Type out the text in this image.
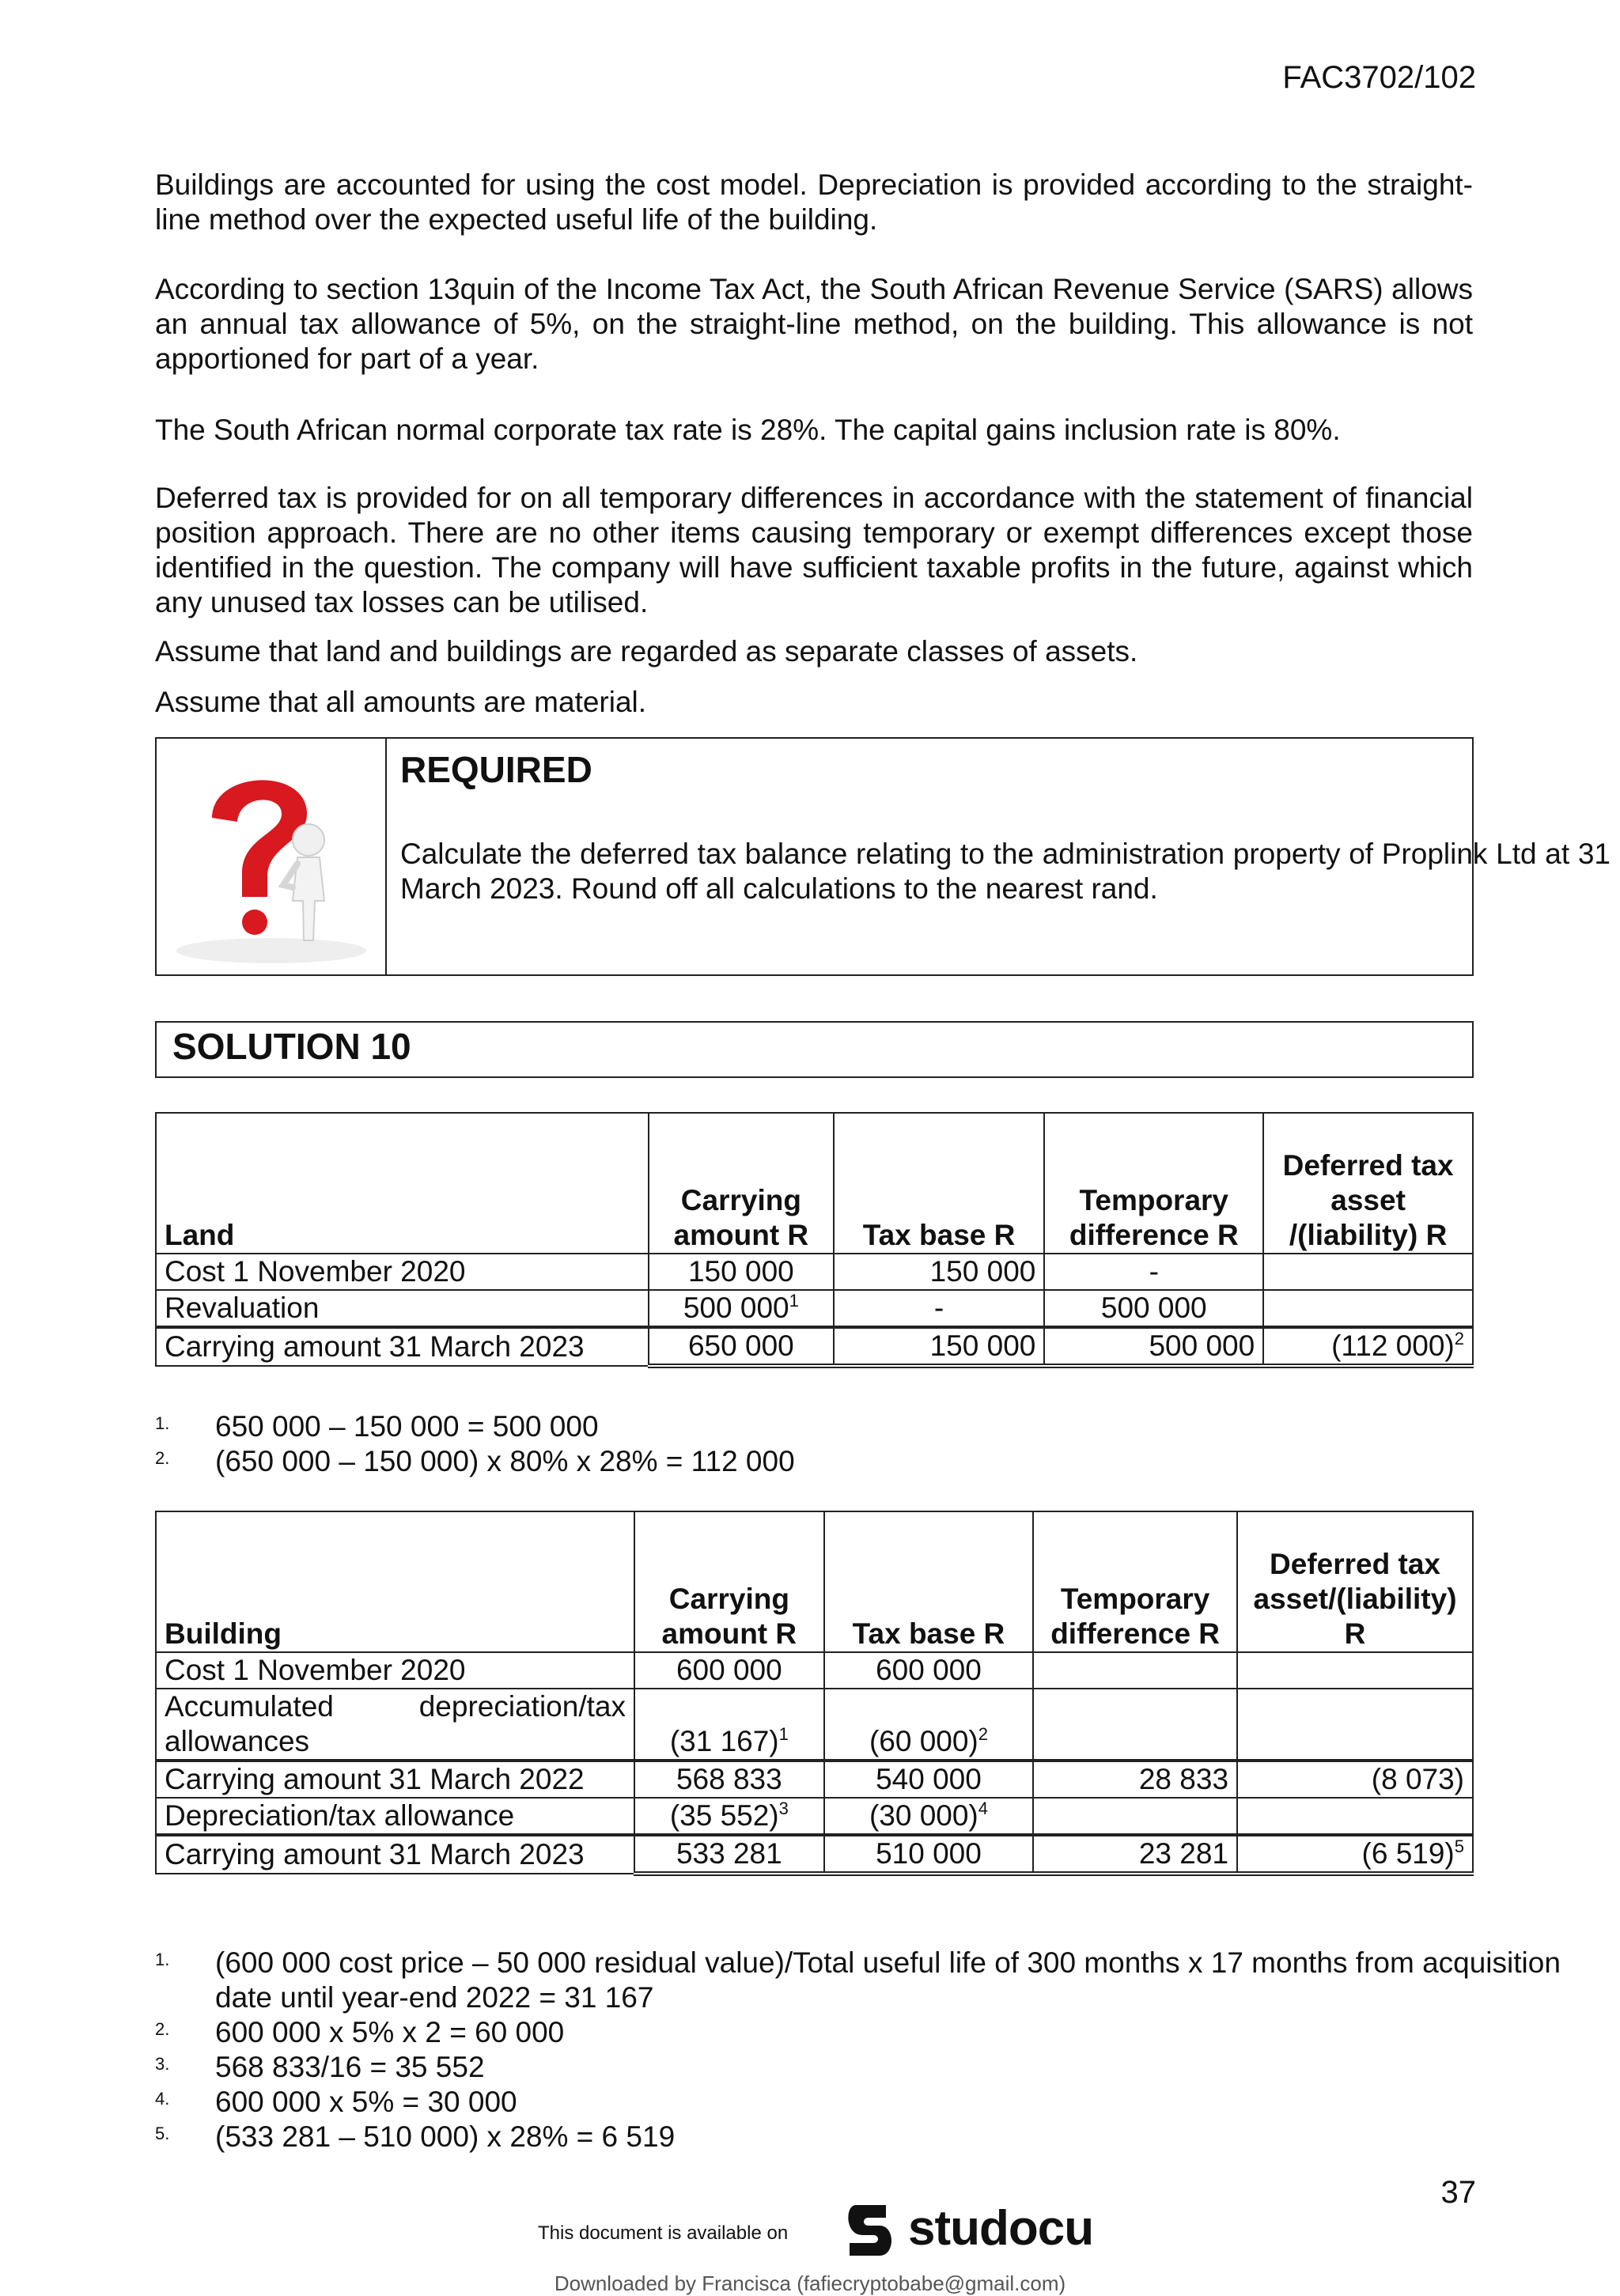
FAC3702/102

Buildings are accounted for using the cost model. Depreciation is provided according to the straight-line method over the expected useful life of the building.

According to section 13quin of the Income Tax Act, the South African Revenue Service (SARS) allows an annual tax allowance of 5%, on the straight-line method, on the building. This allowance is not apportioned for part of a year.

The South African normal corporate tax rate is 28%. The capital gains inclusion rate is 80%.

Deferred tax is provided for on all temporary differences in accordance with the statement of financial position approach. There are no other items causing temporary or exempt differences except those identified in the question. The company will have sufficient taxable profits in the future, against which any unused tax losses can be utilised.

Assume that land and buildings are regarded as separate classes of assets.

Assume that all amounts are material.

REQUIRED
Calculate the deferred tax balance relating to the administration property of Proplink Ltd at 31 March 2023. Round off all calculations to the nearest rand.
SOLUTION 10
Land	Carrying amount R	Tax base R	Temporary difference R	Deferred tax asset /(liability) R
Cost 1 November 2020	150 000	150 000	-	
Revaluation	500 $000^1$	-	500 000	
Carrying amount 31 March 2023	650 000	150 000	500 000	(112 000)$^2$
1. 650 000 – 150 000 = 500 000
2. (650 000 – 150 000) x 80% x 28% = 112 000
Building	Carrying amount R	Tax base R	Temporary difference R	Deferred tax asset/(liability) R
Cost 1 November 2020	600 000	600 000		
Accumulated depreciation/tax allowances	(31 167)$^1$	(60 000)$^2$		
Carrying amount 31 March 2022	568 833	540 000	28 833	(8 073)
Depreciation/tax allowance	(35 552)$^3$	(30 000)$^4$		
Carrying amount 31 March 2023	533 281	510 000	23 281	(6 519)$^5$
1. (600 000 cost price – 50 000 residual value)/Total useful life of 300 months x 17 months from acquisition date until year-end 2022 = 31 167
2. 600 000 x 5% x 2 = 60 000
3. 568 833/16 = 35 552
4. 600 000 x 5% = 30 000
5. (533 281 – 510 000) x 28% = 6 519
37
This document is available on studocu
Downloaded by Francisca (fafiecryptobabe@gmail.com)
